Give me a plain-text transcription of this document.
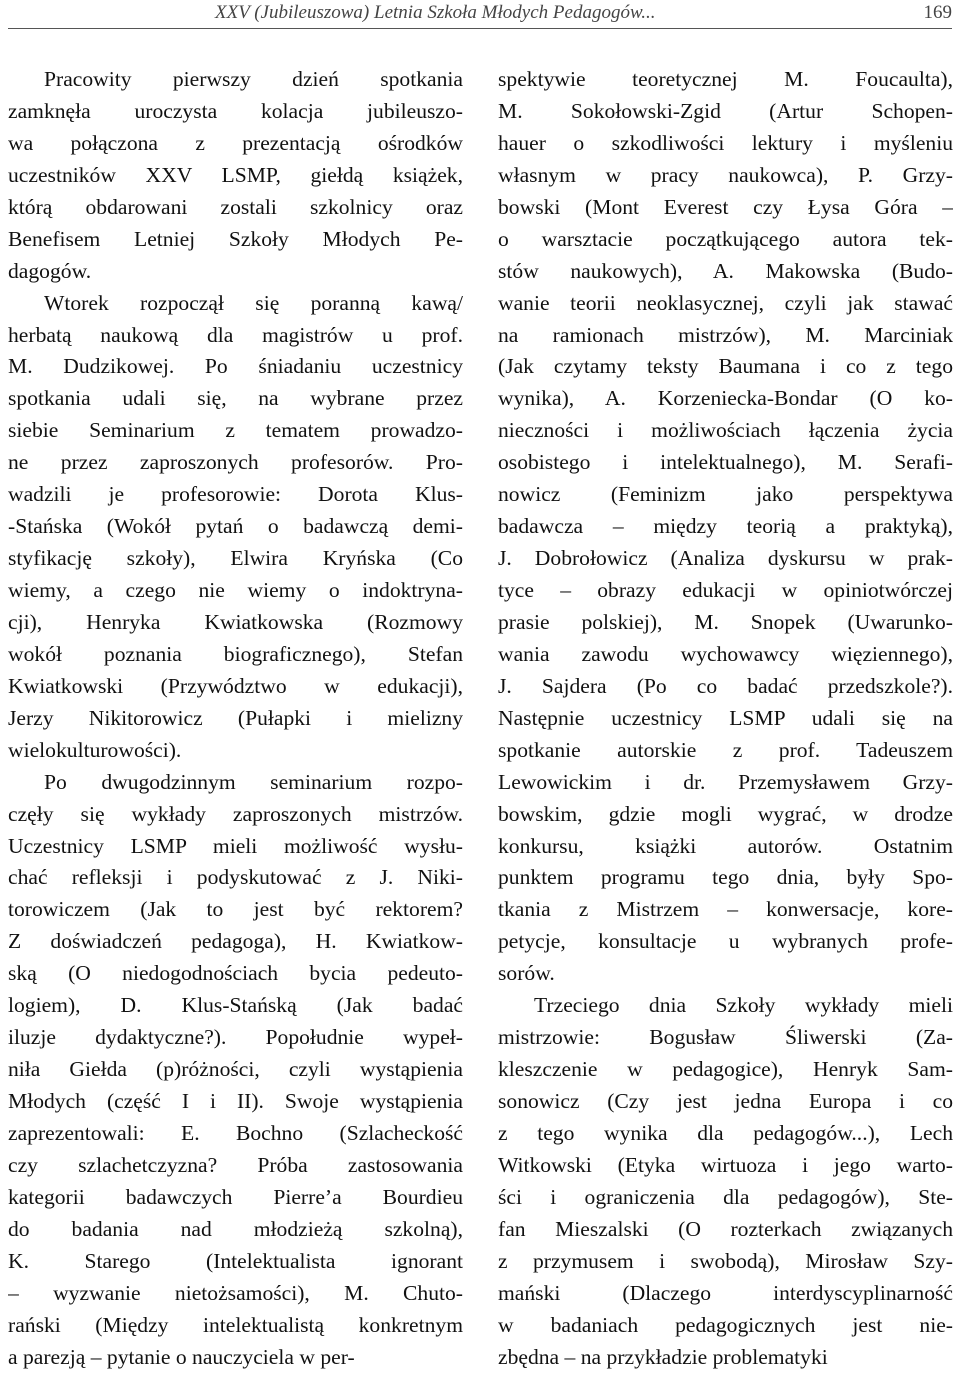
XXV (Jubileuszowa) Letnia Szkoła Młodych Pedagogów...	169
Pracowity pierwszy dzień spotkania
zamknęła uroczysta kolacja jubileuszo-
wa połączona z prezentacją ośrodków
uczestników XXV LSMP, giełdą książek,
którą obdarowani zostali szkolnicy oraz
Benefisem Letniej Szkoły Młodych Pe-
dagogów.
Wtorek rozpoczął się poranną kawą/
herbatą naukową dla magistrów u prof.
M. Dudzikowej. Po śniadaniu uczestnicy
spotkania udali się, na wybrane przez
siebie Seminarium z tematem prowadzo-
ne przez zaproszonych profesorów. Pro-
wadzili je profesorowie: Dorota Klus-
-Stańska (Wokół pytań o badawczą demi-
styfikację szkoły), Elwira Kryńska (Co
wiemy, a czego nie wiemy o indoktryna-
cji), Henryka Kwiatkowska (Rozmowy
wokół poznania biograficznego), Stefan
Kwiatkowski (Przywództwo w edukacji),
Jerzy Nikitorowicz (Pułapki i mielizny
wielokulturowości).
Po dwugodzinnym seminarium rozpo-
częły się wykłady zaproszonych mistrzów.
Uczestnicy LSMP mieli możliwość wysłu-
chać refleksji i podyskutować z J. Niki-
torowiczem (Jak to jest być rektorem?
Z doświadczeń pedagoga), H. Kwiatkow-
ską (O niedogodnościach bycia pedeuto-
logiem), D. Klus-Stańską (Jak badać
iluzje dydaktyczne?). Popołudnie wypeł-
niła Giełda (p)różności, czyli wystąpienia
Młodych (część I i II). Swoje wystąpienia
zaprezentowali: E. Bochno (Szlacheckość
czy szlachetczyzna? Próba zastosowania
kategorii badawczych Pierre’a Bourdieu
do badania nad młodzieżą szkolną),
K. Starego (Intelektualista ignorant
– wyzwanie nietożsamości), M. Chuto-
rański (Między intelektualistą konkretnym
a parezją – pytanie o nauczyciela w per-
spektywie teoretycznej M. Foucaulta),
M. Sokołowski-Zgid (Artur Schopen-
hauer o szkodliwości lektury i myśleniu
własnym w pracy naukowca), P. Grzy-
bowski (Mont Everest czy Łysa Góra –
o warsztacie początkującego autora tek-
stów naukowych), A. Makowska (Budo-
wanie teorii neoklasycznej, czyli jak stawać
na ramionach mistrzów), M. Marciniak
(Jak czytamy teksty Baumana i co z tego
wynika), A. Korzeniecka-Bondar (O ko-
nieczności i możliwościach łączenia życia
osobistego i intelektualnego), M. Serafi-
nowicz (Feminizm jako perspektywa
badawcza – między teorią a praktyką),
J. Dobrołowicz (Analiza dyskursu w prak-
tyce – obrazy edukacji w opiniotwórczej
prasie polskiej), M. Snopek (Uwarunko-
wania zawodu wychowawcy więziennego),
J. Sajdera (Po co badać przedszkole?).
Następnie uczestnicy LSMP udali się na
spotkanie autorskie z prof. Tadeuszem
Lewowickim i dr. Przemysławem Grzy-
bowskim, gdzie mogli wygrać, w drodze
konkursu, książki autorów. Ostatnim
punktem programu tego dnia, były Spo-
tkania z Mistrzem – konwersacje, kore-
petycje, konsultacje u wybranych profe-
sorów.
Trzeciego dnia Szkoły wykłady mieli
mistrzowie: Bogusław Śliwerski (Za-
kleszczenie w pedagogice), Henryk Sam-
sonowicz (Czy jest jedna Europa i co
z tego wynika dla pedagogów...), Lech
Witkowski (Etyka wirtuoza i jego warto-
ści i ograniczenia dla pedagogów), Ste-
fan Mieszalski (O rozterkach związanych
z przymusem i swobodą), Mirosław Szy-
mański (Dlaczego interdyscyplinarność
w badaniach pedagogicznych jest nie-
zbędna – na przykładzie problematyki
